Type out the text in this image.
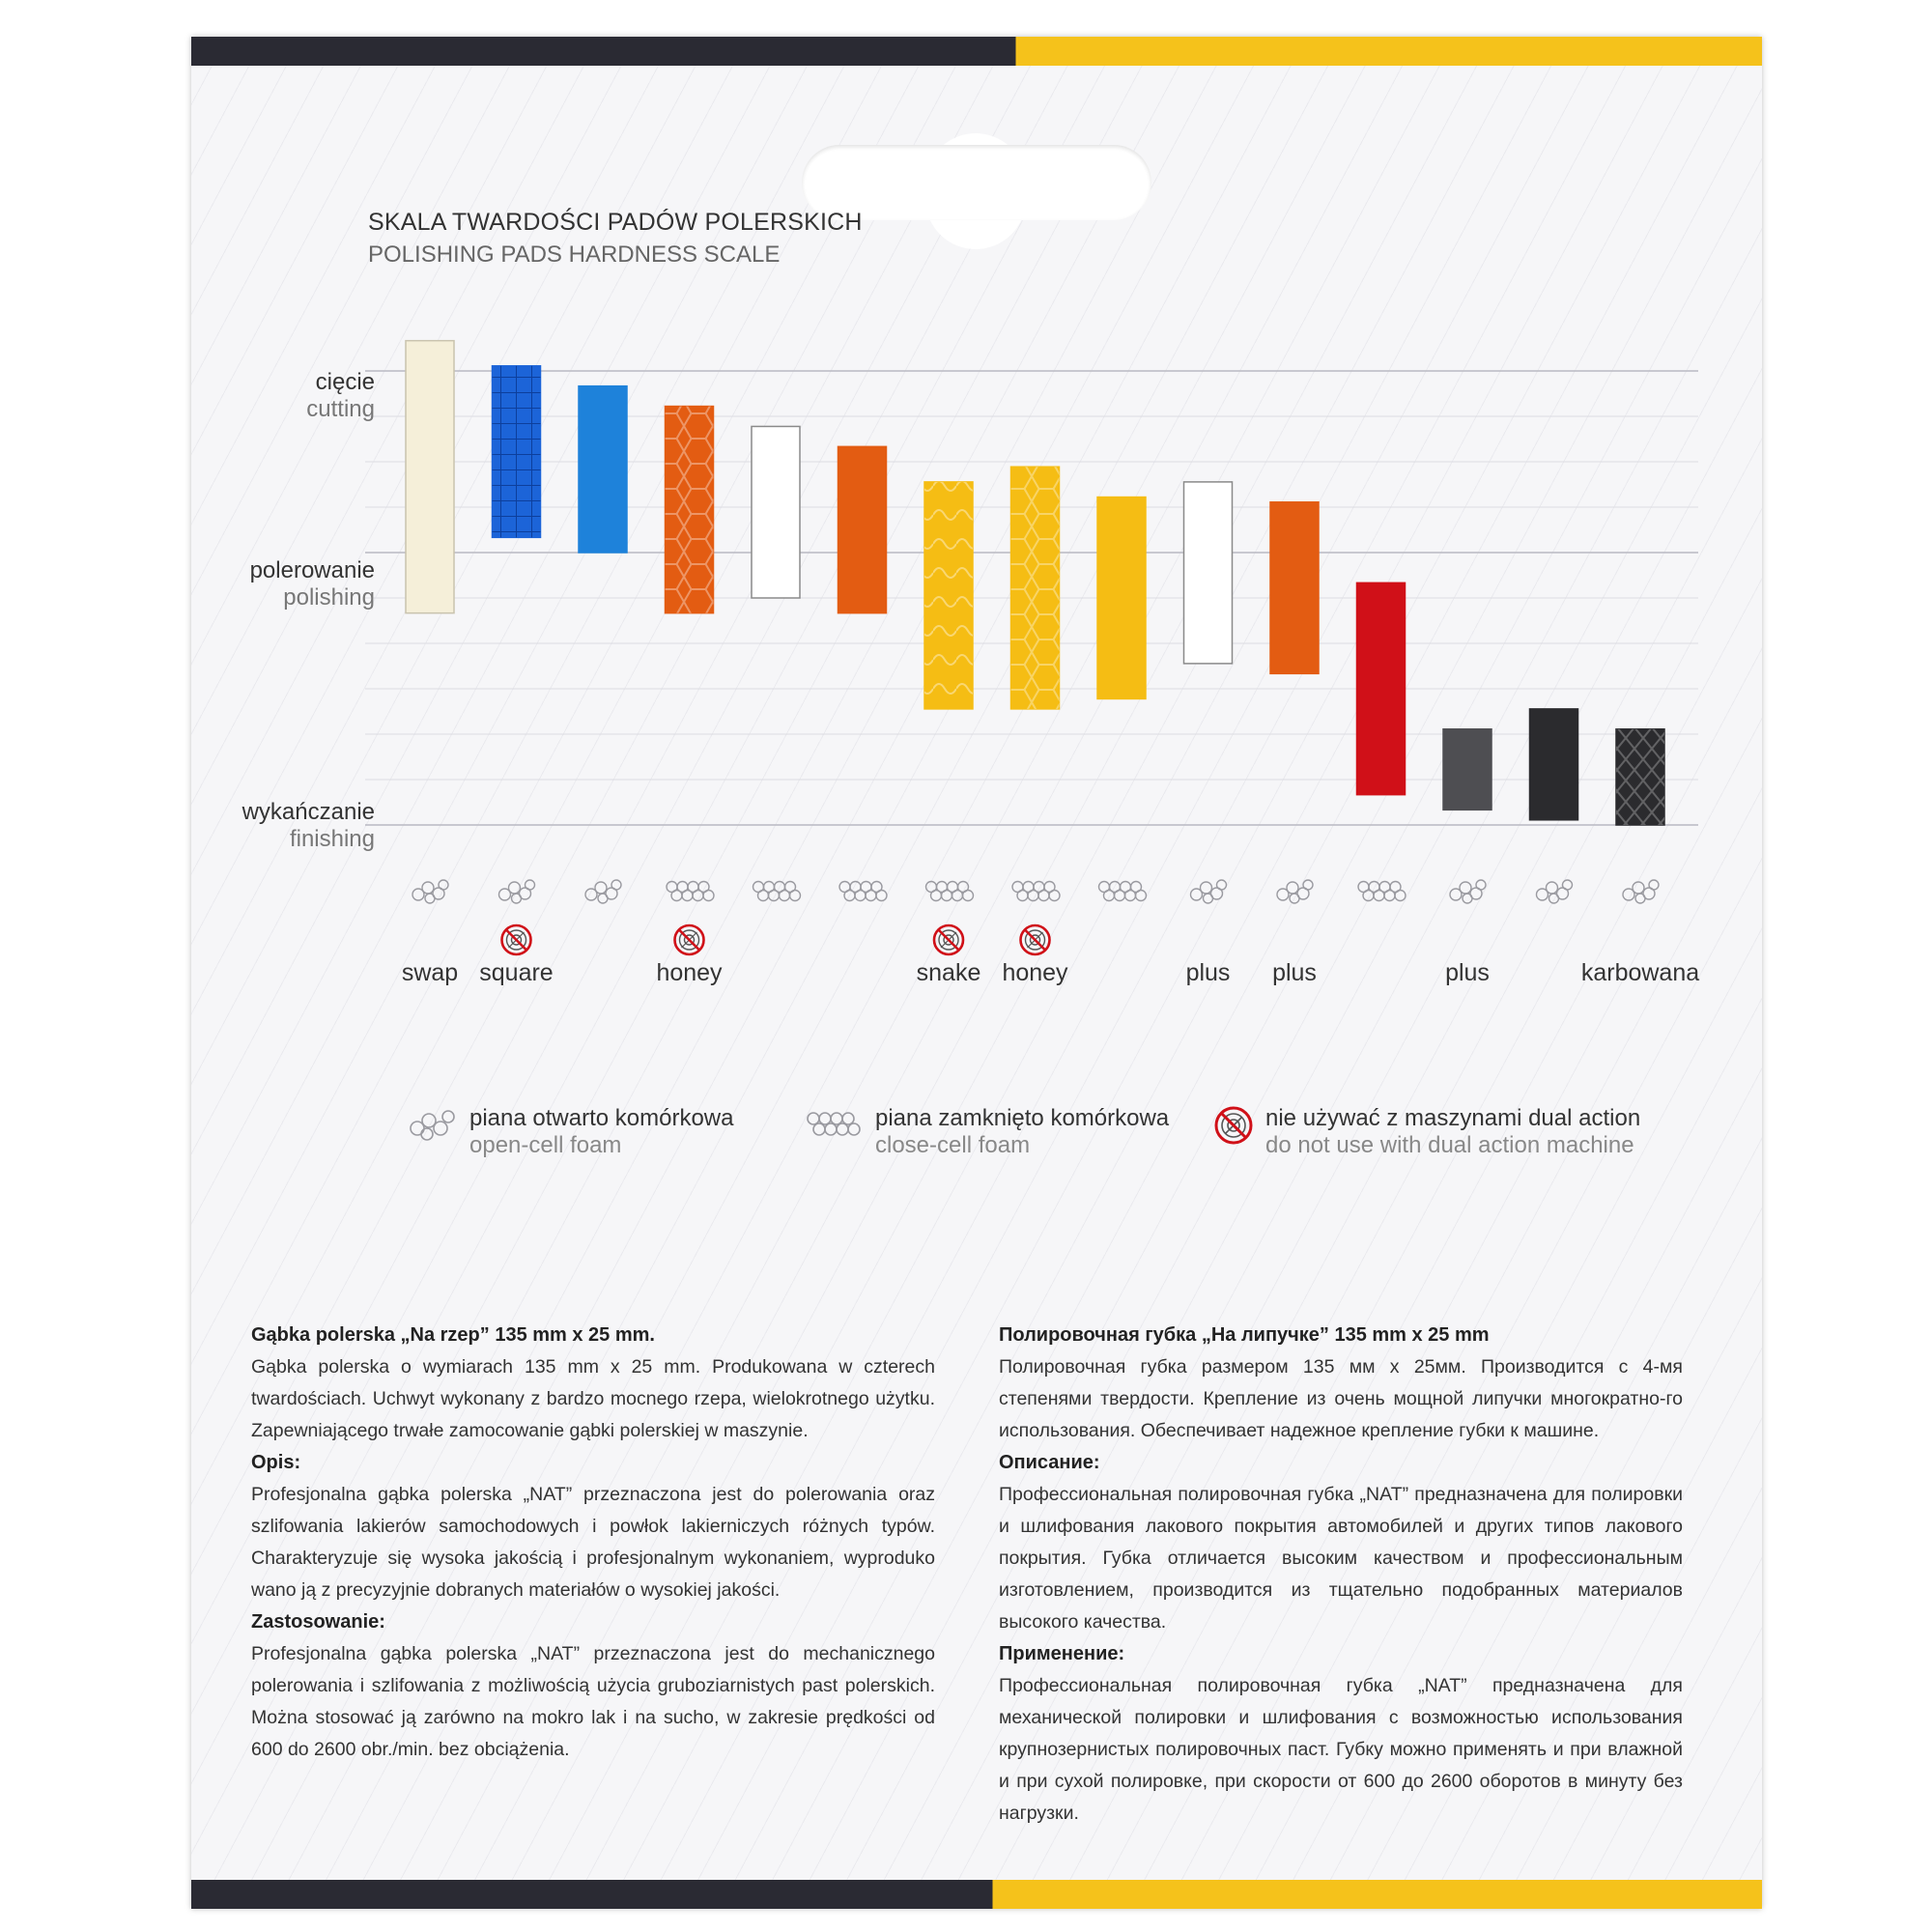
SKALA TWARDOŚCI PADÓW POLERSKICH
POLISHING PADS HARDNESS SCALE
cięcie
cutting
polerowanie
polishing
wykańczanie
finishing
swap square	honey	snake honey	plus plus	plus	karbowana
piana otwarto komórkowa
open-cell foam
piana zamknięto komórkowa
close-cell foam
nie używać z maszynami dual action
do not use with dual action machine
Gąbka polerska „Na rzep” 135 mm x 25 mm.

Gąbka polerska o wymiarach 135 mm x 25 mm. Produkowana w czterech twardościach. Uchwyt wykonany z bardzo mocnego rzepa, wielokrotnego użytku. Zapewniającego trwałe zamocowanie gąbki polerskiej w maszynie.

Opis:

Profesjonalna gąbka polerska „NAT” przeznaczona jest do polerowania oraz szlifowania lakierów samochodowych i powłok lakierniczych różnych typów. Charakteryzuje się wysoka jakością i profesjonalnym wykonaniem, wyproduko wano ją z precyzyjnie dobranych materiałów o wysokiej jakości.

Zastosowanie:

Profesjonalna gąbka polerska „NAT” przeznaczona jest do mechanicznego polerowania i szlifowania z możliwością użycia gruboziarnistych past polerskich. Można stosować ją zarówno na mokro lak i na sucho, w zakresie prędkości od 600 do 2600 obr./min. bez obciążenia.

Полировочная губка „На липучке” 135 mm x 25 mm

Полировочная губка размером 135 мм x 25мм. Производится с 4-мя степенями твердости. Крепление из очень мощной липучки многократно-го использования. Обеспечивает надежное крепление губки к машине.

Описание:

Профессиональная полировочная губка „NAT” предназначена для полировки и шлифования лакового покрытия автомобилей и других типов лакового покрытия. Губка отличается высоким качеством и профессиональным изготовлением, производится из тщательно подобранных материалов высокого качества.

Применение:

Профессиональная полировочная губка „NAT” предназначена для механической полировки и шлифования с возможностью использования крупнозернистых полировочных паст. Губку можно применять и при влажной и при сухой полировке, при скорости от 600 до 2600 оборотов в минуту без нагрузки.
